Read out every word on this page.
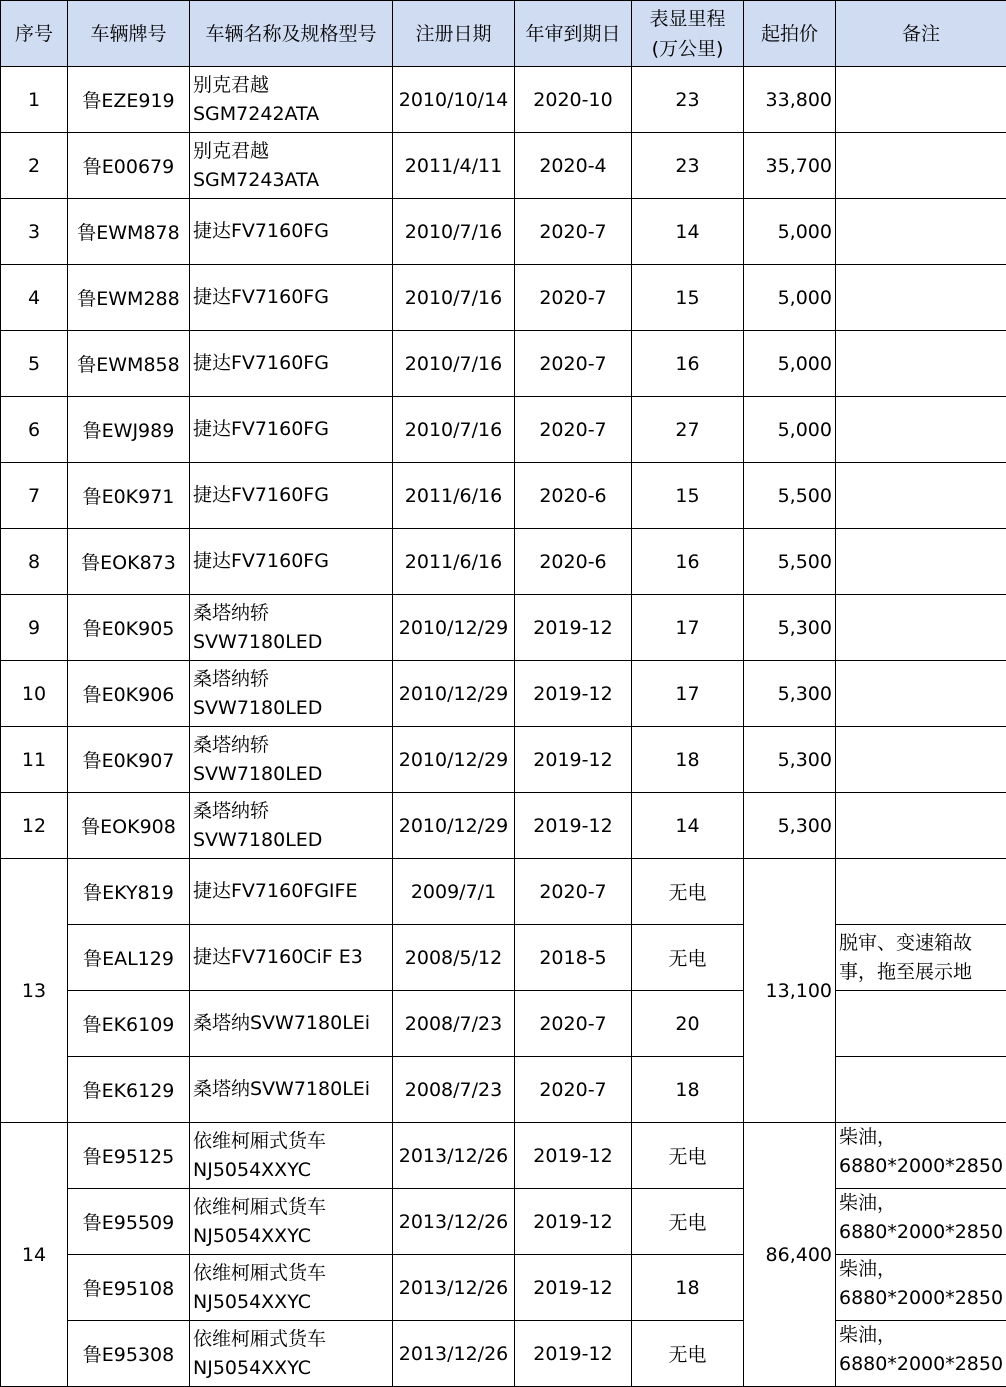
序号	车辆牌号	车辆名称及规格型号	注册日期	年审到期日	表显里程
(万公里)	起拍价	备注
1	鲁EZE919	别克君越
SGM7242ATA	2010/10/14	2020-10	23	33,800	
2	鲁E00679	别克君越
SGM7243ATA	2011/4/11	2020-4	23	35,700	
3	鲁EWM878	捷达FV7160FG	2010/7/16	2020-7	14	5,000	
4	鲁EWM288	捷达FV7160FG	2010/7/16	2020-7	15	5,000	
5	鲁EWM858	捷达FV7160FG	2010/7/16	2020-7	16	5,000	
6	鲁EWJ989	捷达FV7160FG	2010/7/16	2020-7	27	5,000	
7	鲁E0K971	捷达FV7160FG	2011/6/16	2020-6	15	5,500	
8	鲁EOK873	捷达FV7160FG	2011/6/16	2020-6	16	5,500	
9	鲁E0K905	桑塔纳轿
SVW7180LED	2010/12/29	2019-12	17	5,300	
10	鲁E0K906	桑塔纳轿
SVW7180LED	2010/12/29	2019-12	17	5,300	
11	鲁E0K907	桑塔纳轿
SVW7180LED	2010/12/29	2019-12	18	5,300	
12	鲁EOK908	桑塔纳轿
SVW7180LED	2010/12/29	2019-12	14	5,300	
13	鲁EKY819	捷达FV7160FGIFE	2009/7/1	2020-7	无电	13,100	
	鲁EAL129	捷达FV7160CiF E3	2008/5/12	2018-5	无电		脱审、变速箱故事，拖至展示地
	鲁EK6109	桑塔纳SVW7180LEi	2008/7/23	2020-7	20		
	鲁EK6129	桑塔纳SVW7180LEi	2008/7/23	2020-7	18		
14	鲁E95125	依维柯厢式货车
NJ5054XXYC	2013/12/26	2019-12	无电	86,400	柴油，
6880*2000*2850

	鲁E95509	依维柯厢式货车
NJ5054XXYC	2013/12/26	2019-12	无电		柴油，
6880*2000*2850

	鲁E95108	依维柯厢式货车
NJ5054XXYC	2013/12/26	2019-12	18		柴油，
6880*2000*2850

	鲁E95308	依维柯厢式货车
NJ5054XXYC	2013/12/26	2019-12	无电		柴油，
6880*2000*2850
